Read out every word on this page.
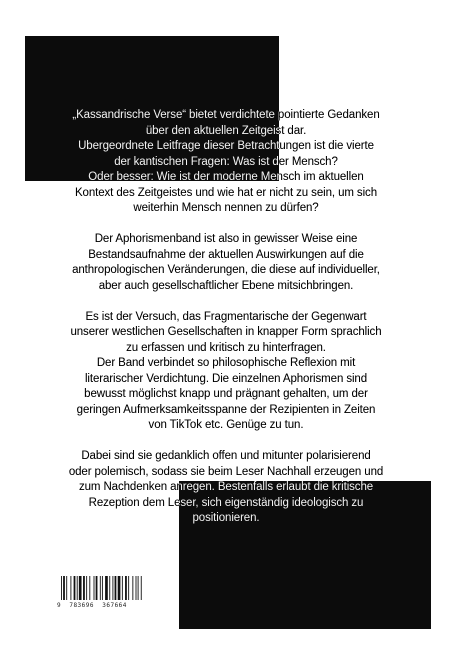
„Kassandrische Verse“ bietet verdichtete pointierte Gedanken
über den aktuellen Zeitgeist dar.
Übergeordnete Leitfrage dieser Betrachtungen ist die vierte
der kantischen Fragen: Was ist der Mensch?
Oder besser: Wie ist der moderne Mensch im aktuellen
Kontext des Zeitgeistes und wie hat er nicht zu sein, um sich
weiterhin Mensch nennen zu dürfen?

Der Aphorismenband ist also in gewisser Weise eine
Bestandsaufnahme der aktuellen Auswirkungen auf die
anthropologischen Veränderungen, die diese auf individueller,
aber auch gesellschaftlicher Ebene mitsichbringen.

Es ist der Versuch, das Fragmentarische der Gegenwart
unserer westlichen Gesellschaften in knapper Form sprachlich
zu erfassen und kritisch zu hinterfragen.
Der Band verbindet so philosophische Reflexion mit
literarischer Verdichtung. Die einzelnen Aphorismen sind
bewusst möglichst knapp und prägnant gehalten, um der
geringen Aufmerksamkeitsspanne der Rezipienten in Zeiten
von TikTok etc. Genüge zu tun.

Dabei sind sie gedanklich offen und mitunter polarisierend
oder polemisch, sodass sie beim Leser Nachhall erzeugen und
zum Nachdenken anregen. Bestenfalls erlaubt die kritische
Rezeption dem Leser, sich eigenständig ideologisch zu
positionieren.

9  783696  367664
